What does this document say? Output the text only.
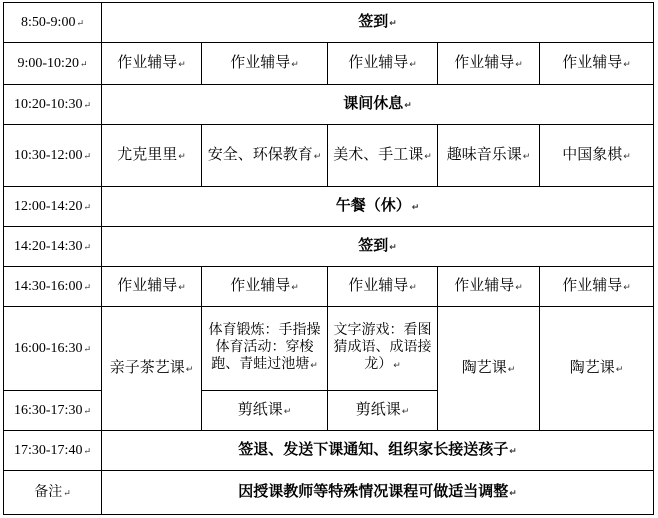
8:50-9:00↵	签到↵				
9:00-10:20↵	作业辅导↵	作业辅导↵	作业辅导↵	作业辅导↵	作业辅导↵
10:20-10:30↵	课间休息↵				
10:30-12:00↵	尤克里里↵	安全、环保教育↵	美术、手工课↵	趣味音乐课↵	中国象棋↵
12:00-14:20↵	午餐（休）↵				
14:20-14:30↵	签到↵				
14:30-16:00↵	作业辅导↵	作业辅导↵	作业辅导↵	作业辅导↵	作业辅导↵
16:00-16:30↵	亲子茶艺课↵	体育锻炼：手指操 体育活动：穿梭跑、青蛙过池塘↵	文字游戏：看图猜成语、成语接龙）↵	陶艺课↵	陶艺课↵
16:30-17:30↵		剪纸课↵	剪纸课↵		
17:30-17:40↵	签退、发送下课通知、组织家长接送孩子↵				
备注↵	因授课教师等特殊情况课程可做适当调整↵				
